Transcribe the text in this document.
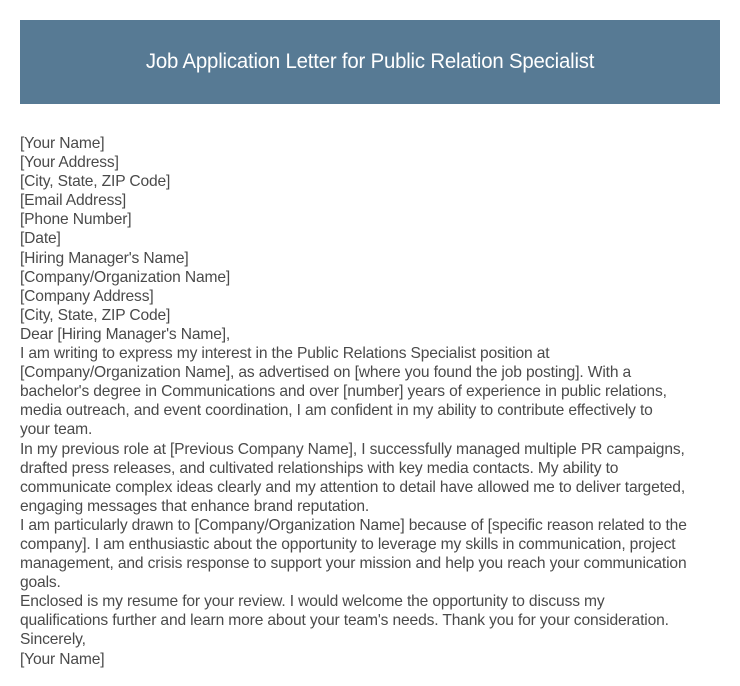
Job Application Letter for Public Relation Specialist
[Your Name]
[Your Address]
[City, State, ZIP Code]
[Email Address]
[Phone Number]
[Date]
[Hiring Manager's Name]
[Company/Organization Name]
[Company Address]
[City, State, ZIP Code]
Dear [Hiring Manager's Name],
I am writing to express my interest in the Public Relations Specialist position at
[Company/Organization Name], as advertised on [where you found the job posting]. With a
bachelor's degree in Communications and over [number] years of experience in public relations,
media outreach, and event coordination, I am confident in my ability to contribute effectively to
your team.
In my previous role at [Previous Company Name], I successfully managed multiple PR campaigns,
drafted press releases, and cultivated relationships with key media contacts. My ability to
communicate complex ideas clearly and my attention to detail have allowed me to deliver targeted,
engaging messages that enhance brand reputation.
I am particularly drawn to [Company/Organization Name] because of [specific reason related to the
company]. I am enthusiastic about the opportunity to leverage my skills in communication, project
management, and crisis response to support your mission and help you reach your communication
goals.
Enclosed is my resume for your review. I would welcome the opportunity to discuss my
qualifications further and learn more about your team's needs. Thank you for your consideration.
Sincerely,
[Your Name]
